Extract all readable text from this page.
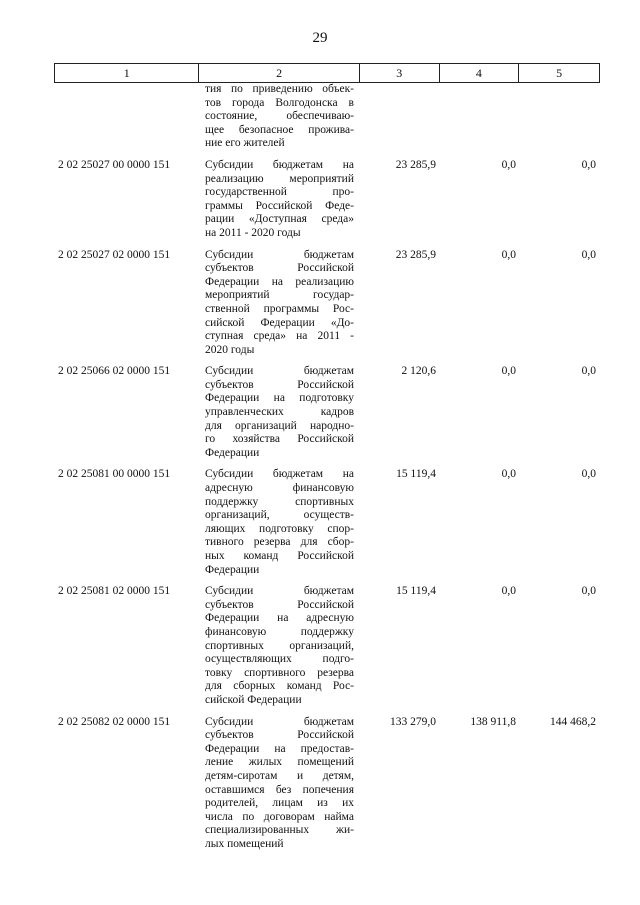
29
1	2	3	4	5
тия по приведению объек-
тов города Волгодонска в
состояние, обеспечиваю-
щее безопасное прожива-
ние его жителей
2 02 25027 00 0000 151	Субсидии бюджетам на
реализацию мероприятий
государственной про-
граммы Российской Феде-
рации «Доступная среда»
на 2011 - 2020 годы
23 285,9	0,0	0,0
2 02 25027 02 0000 151	Субсидии бюджетам
субъектов Российской
Федерации на реализацию
мероприятий государ-
ственной программы Рос-
сийской Федерации «До-
ступная среда» на 2011 -
2020 годы
23 285,9	0,0	0,0
2 02 25066 02 0000 151	Субсидии бюджетам
субъектов Российской
Федерации на подготовку
управленческих кадров
для организаций народно-
го хозяйства Российской
Федерации
2 120,6	0,0	0,0
2 02 25081 00 0000 151	Субсидии бюджетам на
адресную финансовую
поддержку спортивных
организаций, осуществ-
ляющих подготовку спор-
тивного резерва для сбор-
ных команд Российской
Федерации
15 119,4	0,0	0,0
2 02 25081 02 0000 151	Субсидии бюджетам
субъектов Российской
Федерации на адресную
финансовую поддержку
спортивных организаций,
осуществляющих подго-
товку спортивного резерва
для сборных команд Рос-
сийской Федерации
15 119,4	0,0	0,0
2 02 25082 02 0000 151	Субсидии бюджетам
субъектов Российской
Федерации на предостав-
ление жилых помещений
детям-сиротам и детям,
оставшимся без попечения
родителей, лицам из их
числа по договорам найма
специализированных жи-
лых помещений
133 279,0	138 911,8	144 468,2
